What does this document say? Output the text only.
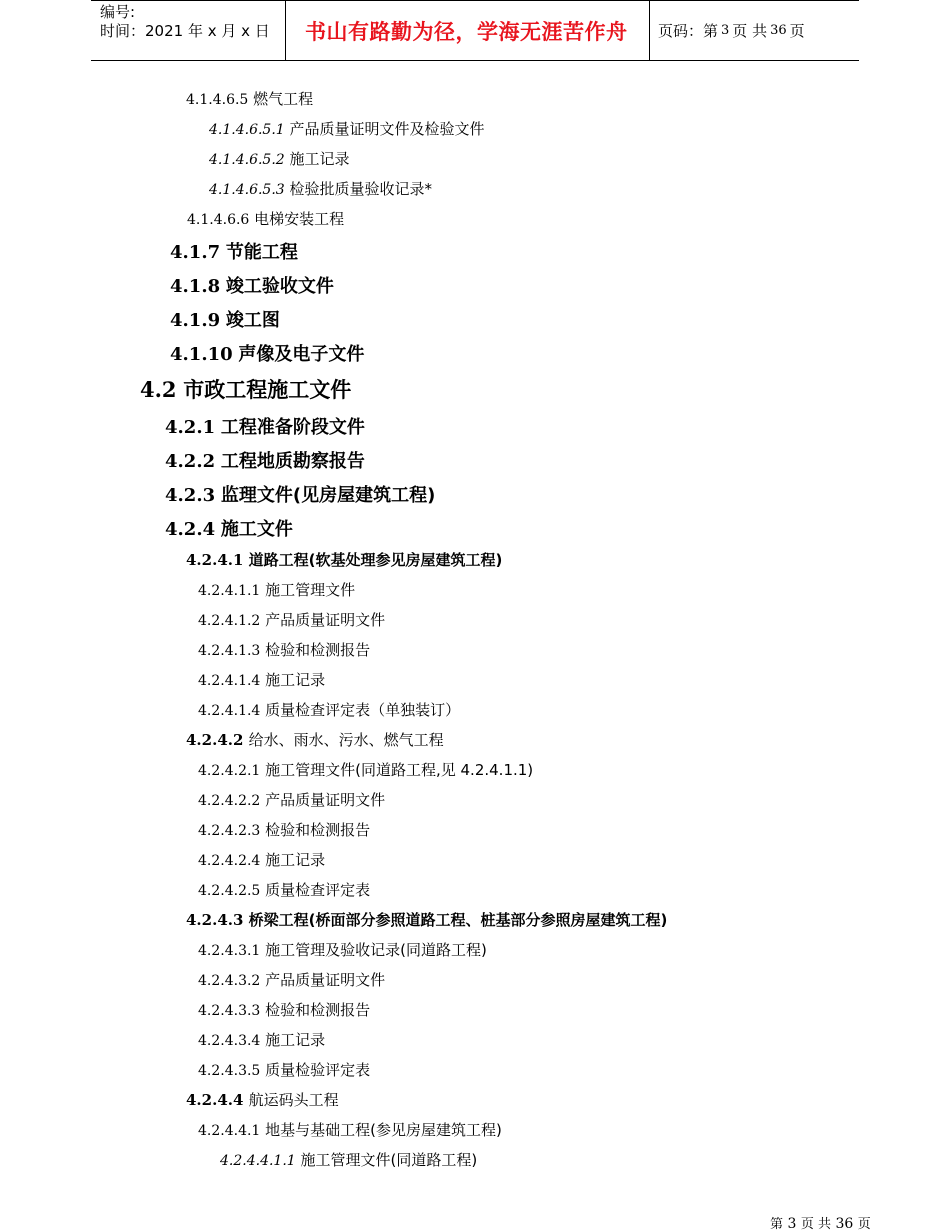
编号:
时间：2021 年 x 月 x 日	书山有路勤为径，学海无涯苦作舟	页码：第 3 页 共 36 页
4.1.4.6.5 燃气工程
4.1.4.6.5.1 产品质量证明文件及检验文件
4.1.4.6.5.2 施工记录
4.1.4.6.5.3 检验批质量验收记录*
4.1.4.6.6 电梯安装工程
4.1.7 节能工程
4.1.8 竣工验收文件
4.1.9 竣工图
4.1.10 声像及电子文件
4.2 市政工程施工文件
4.2.1 工程准备阶段文件
4.2.2 工程地质勘察报告
4.2.3 监理文件(见房屋建筑工程)
4.2.4 施工文件
4.2.4.1 道路工程(软基处理参见房屋建筑工程)
4.2.4.1.1 施工管理文件
4.2.4.1.2 产品质量证明文件
4.2.4.1.3 检验和检测报告
4.2.4.1.4 施工记录
4.2.4.1.4 质量检查评定表（单独装订）
4.2.4.2 给水、雨水、污水、燃气工程
4.2.4.2.1 施工管理文件(同道路工程,见 4.2.4.1.1)
4.2.4.2.2 产品质量证明文件
4.2.4.2.3 检验和检测报告
4.2.4.2.4 施工记录
4.2.4.2.5 质量检查评定表
4.2.4.3 桥梁工程(桥面部分参照道路工程、桩基部分参照房屋建筑工程)
4.2.4.3.1 施工管理及验收记录(同道路工程)
4.2.4.3.2 产品质量证明文件
4.2.4.3.3 检验和检测报告
4.2.4.3.4 施工记录
4.2.4.3.5 质量检验评定表
4.2.4.4 航运码头工程
4.2.4.4.1 地基与基础工程(参见房屋建筑工程)
4.2.4.4.1.1 施工管理文件(同道路工程)
第 3 页 共 36 页
